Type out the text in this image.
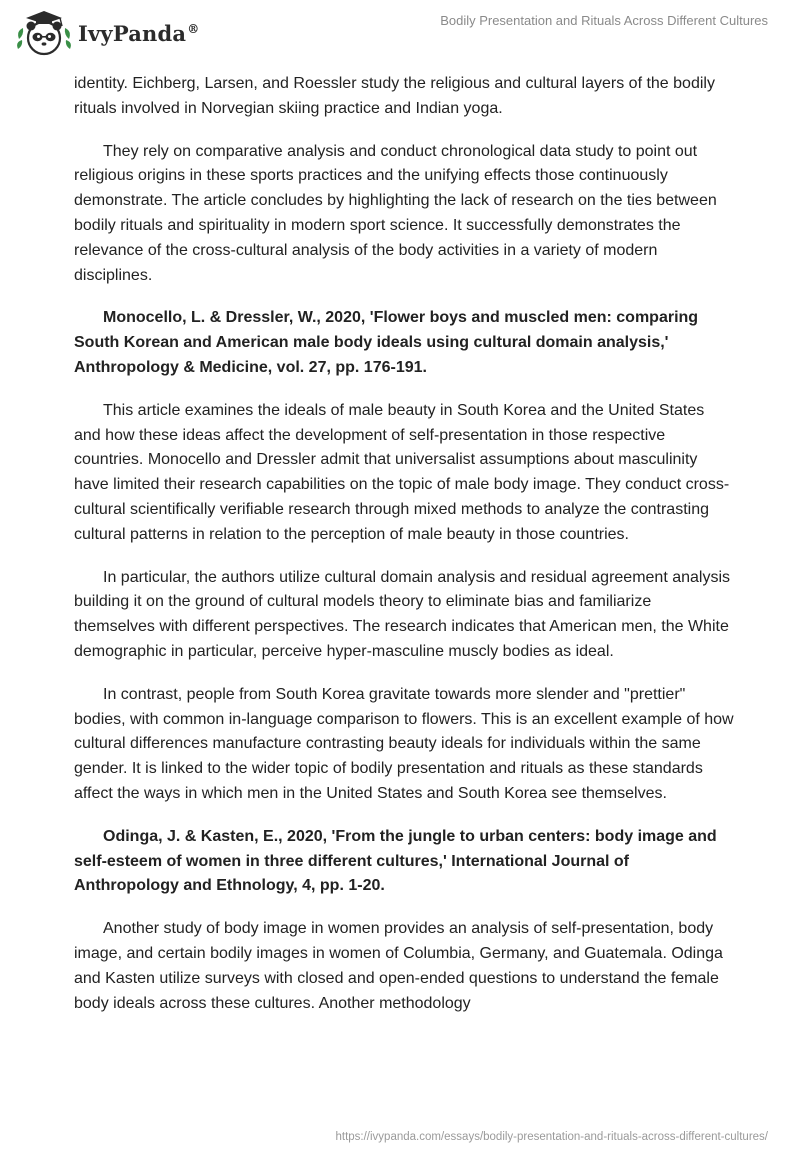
IvyPanda®
Bodily Presentation and Rituals Across Different Cultures

identity. Eichberg, Larsen, and Roessler study the religious and cultural layers of the bodily rituals involved in Norvegian skiing practice and Indian yoga.

They rely on comparative analysis and conduct chronological data study to point out religious origins in these sports practices and the unifying effects those continuously demonstrate. The article concludes by highlighting the lack of research on the ties between bodily rituals and spirituality in modern sport science. It successfully demonstrates the relevance of the cross-cultural analysis of the body activities in a variety of modern disciplines.

Monocello, L. & Dressler, W., 2020, 'Flower boys and muscled men: comparing South Korean and American male body ideals using cultural domain analysis,' Anthropology & Medicine, vol. 27, pp. 176-191.

This article examines the ideals of male beauty in South Korea and the United States and how these ideas affect the development of self-presentation in those respective countries. Monocello and Dressler admit that universalist assumptions about masculinity have limited their research capabilities on the topic of male body image. They conduct cross-cultural scientifically verifiable research through mixed methods to analyze the contrasting cultural patterns in relation to the perception of male beauty in those countries.

In particular, the authors utilize cultural domain analysis and residual agreement analysis building it on the ground of cultural models theory to eliminate bias and familiarize themselves with different perspectives. The research indicates that American men, the White demographic in particular, perceive hyper-masculine muscly bodies as ideal.

In contrast, people from South Korea gravitate towards more slender and "prettier" bodies, with common in-language comparison to flowers. This is an excellent example of how cultural differences manufacture contrasting beauty ideals for individuals within the same gender. It is linked to the wider topic of bodily presentation and rituals as these standards affect the ways in which men in the United States and South Korea see themselves.

Odinga, J. & Kasten, E., 2020, 'From the jungle to urban centers: body image and self-esteem of women in three different cultures,' International Journal of Anthropology and Ethnology, 4, pp. 1-20.

Another study of body image in women provides an analysis of self-presentation, body image, and certain bodily images in women of Columbia, Germany, and Guatemala. Odinga and Kasten utilize surveys with closed and open-ended questions to understand the female body ideals across these cultures. Another methodology

https://ivypanda.com/essays/bodily-presentation-and-rituals-across-different-cultures/
